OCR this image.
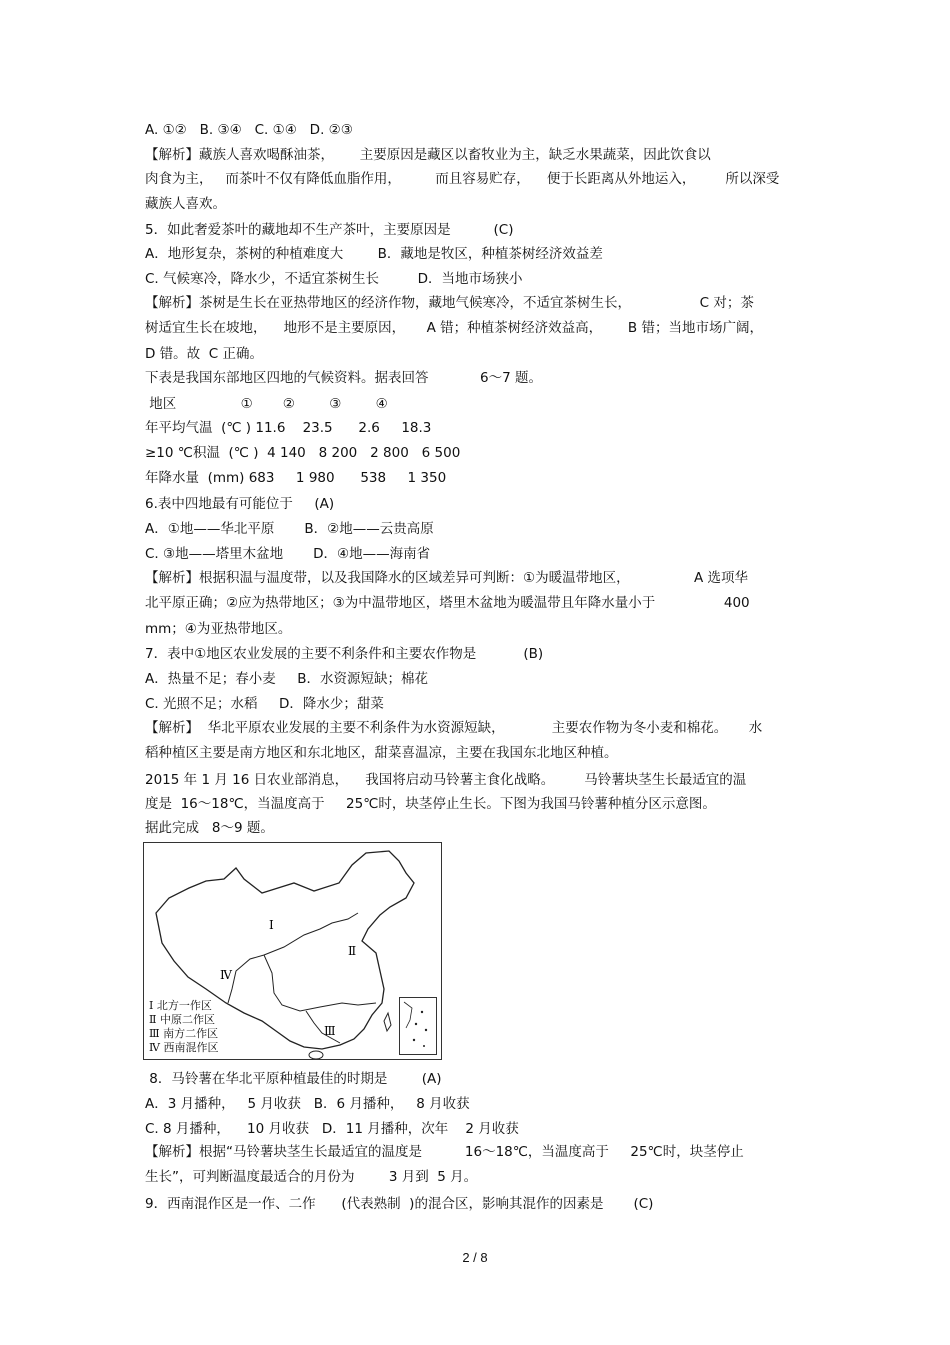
A. ①②   B. ③④   C. ①④   D. ②③
【解析】藏族人喜欢喝酥油茶，      主要原因是藏区以畜牧业为主，缺乏水果蔬菜，因此饮食以
肉食为主，   而茶叶不仅有降低血脂作用，        而且容易贮存，    便于长距离从外地运入，       所以深受
藏族人喜欢。
5．如此奢爱茶叶的藏地却不生产茶叶，主要原因是          (C)
A．地形复杂，茶树的种植难度大        B．藏地是牧区，种植茶树经济效益差
C. 气候寒冷，降水少，不适宜茶树生长         D．当地市场狭小
【解析】茶树是生长在亚热带地区的经济作物，藏地气候寒冷，不适宜茶树生长，                C 对；茶
树适宜生长在坡地，    地形不是主要原因，     A 错；种植茶树经济效益高，      B 错；当地市场广阔，
D 错。故  C 正确。
下表是我国东部地区四地的气候资料。据表回答            6～7 题。
地区               ①       ②        ③        ④
年平均气温  (℃ ) 11.6    23.5      2.6     18.3
≥10 ℃积温  (℃ )  4 140   8 200   2 800   6 500
年降水量  (mm) 683     1 980      538     1 350
6.表中四地最有可能位于     (A)
A．①地——华北平原       B．②地——云贵高原
C. ③地——塔里木盆地       D．④地——海南省
【解析】根据积温与温度带，以及我国降水的区域差异可判断：①为暖温带地区，               A 选项华
北平原正确；②应为热带地区；③为中温带地区，塔里木盆地为暖温带且年降水量小于                400
mm；④为亚热带地区。
7．表中①地区农业发展的主要不利条件和主要农作物是           (B)
A．热量不足；春小麦     B．水资源短缺；棉花
C. 光照不足；水稻     D．降水少；甜菜
【解析】  华北平原农业发展的主要不利条件为水资源短缺，           主要农作物为冬小麦和棉花。     水
稻种植区主要是南方地区和东北地区，甜菜喜温凉，主要在我国东北地区种植。
2015 年 1 月 16 日农业部消息，    我国将启动马铃薯主食化战略。       马铃薯块茎生长最适宜的温
度是  16～18℃，当温度高于     25℃时，块茎停止生长。下图为我国马铃薯种植分区示意图。
据此完成   8～9 题。
Ⅰ
Ⅱ
Ⅲ
Ⅳ
Ⅰ 北方一作区
Ⅱ 中原二作区
Ⅲ 南方二作区
Ⅳ 西南混作区
8．马铃薯在华北平原种植最佳的时期是        (A)
A．3 月播种，   5 月收获   B．6 月播种，   8 月收获
C. 8 月播种，    10 月收获   D．11 月播种，次年    2 月收获
【解析】根据“马铃薯块茎生长最适宜的温度是          16～18℃，当温度高于     25℃时，块茎停止
生长”，可判断温度最适合的月份为        3 月到  5 月。
9．西南混作区是一作、二作      (代表熟制  )的混合区，影响其混作的因素是       (C)
2 / 8
